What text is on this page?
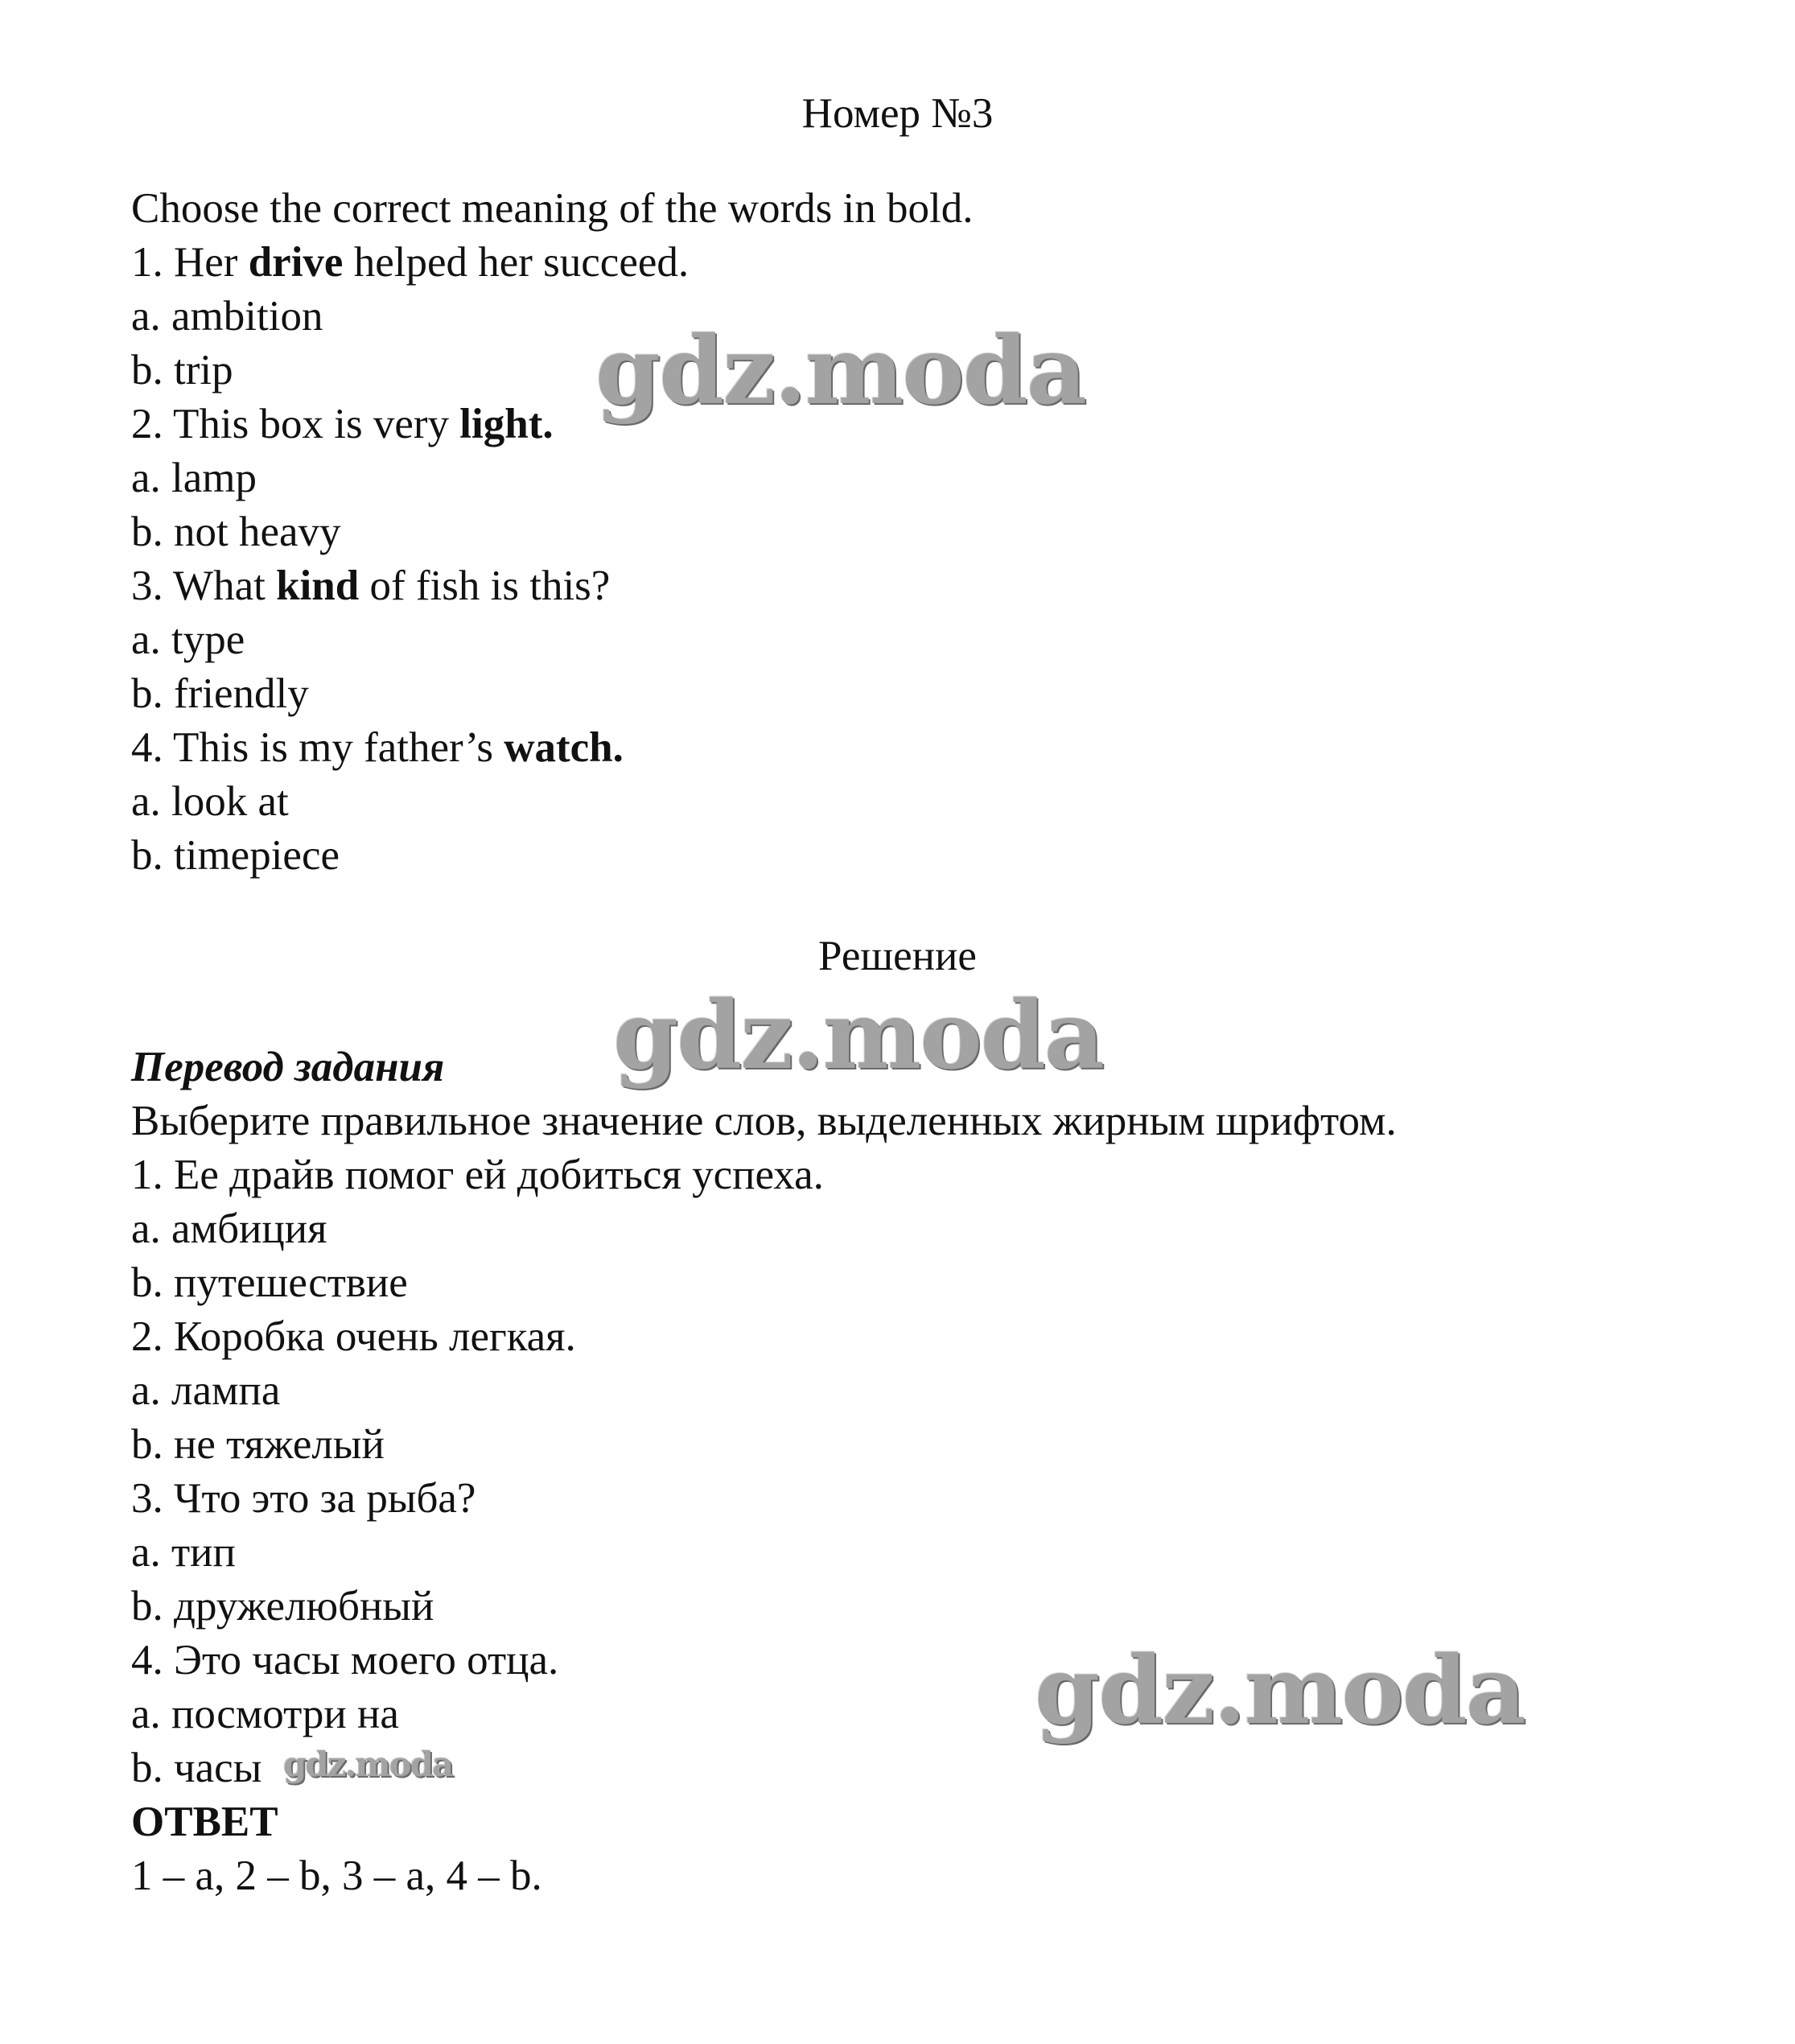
Номер №3
Choose the correct meaning of the words in bold.
1. Her drive helped her succeed.
a. ambition
b. trip
2. This box is very light.
a. lamp
b. not heavy
3. What kind of fish is this?
a. type
b. friendly
4. This is my father’s watch.
a. look at
b. timepiece
Решение
Перевод задания
Выберите правильное значение слов, выделенных жирным шрифтом.
1. Ее драйв помог ей добиться успеха.
a. амбиция
b. путешествие
2. Коробка очень легкая.
a. лампа
b. не тяжелый
3. Что это за рыба?
a. тип
b. дружелюбный
4. Это часы моего отца.
a. посмотри на
b. часы
ОТВЕТ
1 – a, 2 – b, 3 – a, 4 – b.
gdz.moda
gdz.moda
gdz.moda
gdz.moda
